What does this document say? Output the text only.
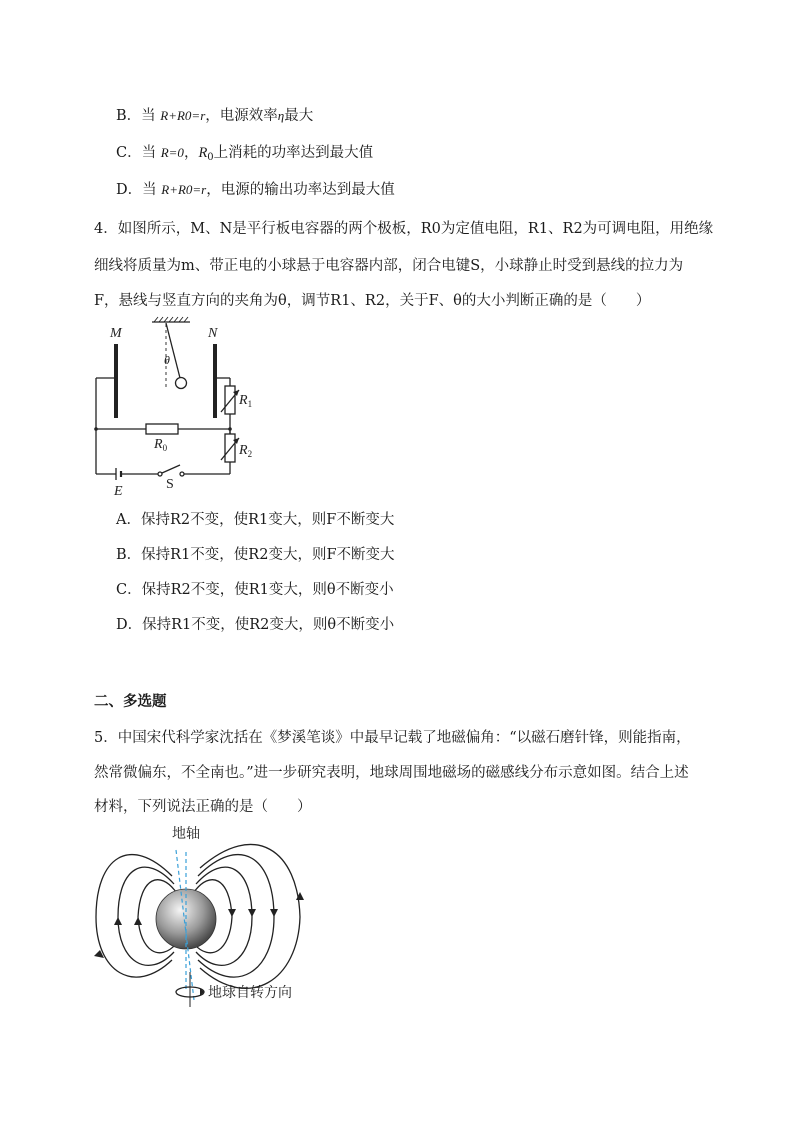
B．当 R+R0=r，电源效率η最大
C．当 R=0，$R_0$上消耗的功率达到最大值
D．当 R+R0=r，电源的输出功率达到最大值
4．如图所示，M、N是平行板电容器的两个极板，R0为定值电阻，R1、R2为可调电阻，用绝缘
细线将质量为m、带正电的小球悬于电容器内部，闭合电键S，小球静止时受到悬线的拉力为
F，悬线与竖直方向的夹角为θ，调节R1、R2，关于F、θ的大小判断正确的是（　　）
M	N
θ
$R_1$
$R_0$	$R_2$
E	S
A．保持R2不变，使R1变大，则F不断变大
B．保持R1不变，使R2变大，则F不断变大
C．保持R2不变，使R1变大，则θ不断变小
D．保持R1不变，使R2变大，则θ不断变小
二、多选题
5．中国宋代科学家沈括在《梦溪笔谈》中最早记载了地磁偏角：“以磁石磨针锋，则能指南，
然常微偏东，不全南也。”进一步研究表明，地球周围地磁场的磁感线分布示意如图。结合上述
材料，下列说法正确的是（　　）
地轴
地球自转方向
